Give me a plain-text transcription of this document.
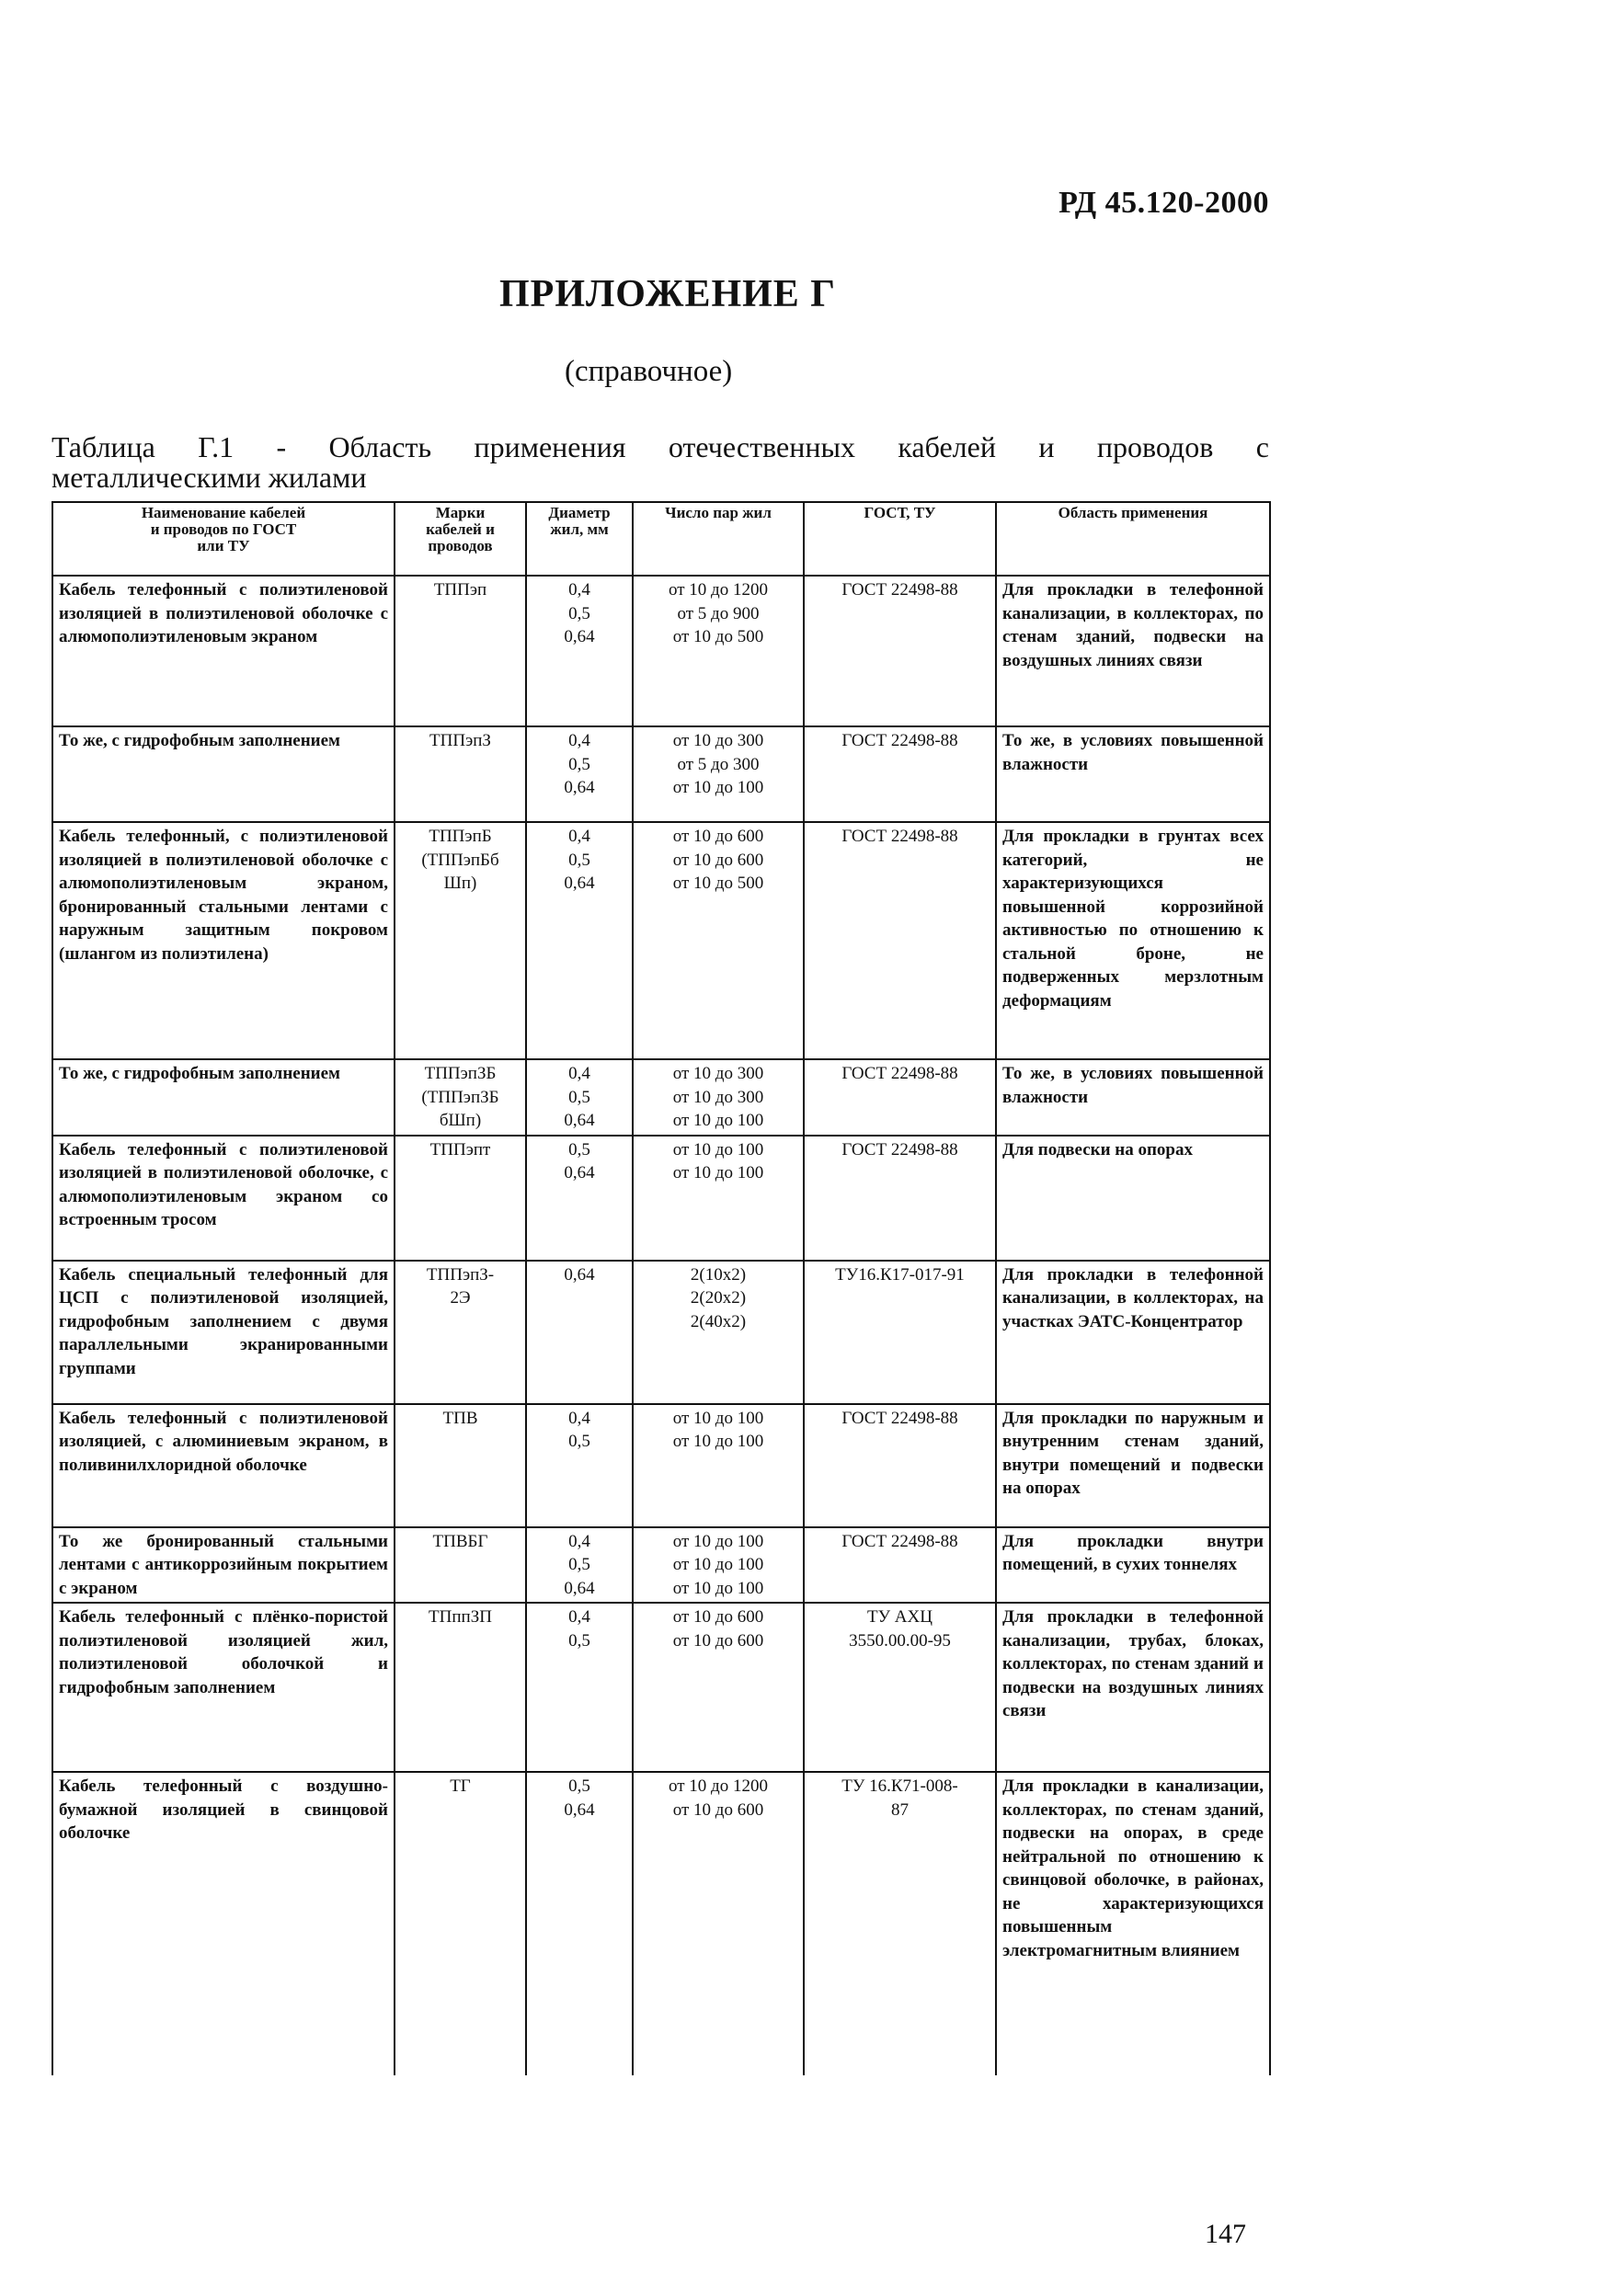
РД 45.120-2000
ПРИЛОЖЕНИЕ Г
(справочное)
Таблица Г.1 - Область применения отечественных кабелей и проводов с
металлическими жилами
Наименование кабелей
и проводов по ГОСТ
или ТУ	Марки
кабелей и
проводов	Диаметр
жил, мм	Число пар жил	ГОСТ, ТУ	Область применения
Кабель телефонный с полиэтиленовой изоляцией в полиэтиленовой оболочке с алюмополиэтиленовым экраном	ТППэп	0,4
0,5
0,64	от 10 до 1200
от 5 до 900
от 10 до 500	ГОСТ 22498-88	Для прокладки в телефонной канализации, в коллекторах, по стенам зданий, подвески на воздушных линиях связи
То же, с гидрофобным заполнением	ТППэпЗ	0,4
0,5
0,64	от 10 до 300
от 5 до 300
от 10 до 100	ГОСТ 22498-88	То же, в условиях повышенной влажности
Кабель телефонный, с полиэтиленовой изоляцией в полиэтиленовой оболочке с алюмополиэтиленовым экраном, бронированный стальными лентами с наружным защитным покровом (шлангом из полиэтилена)	ТППэпБ
(ТППэпБб
Шп)	0,4
0,5
0,64	от 10 до 600
от 10 до 600
от 10 до 500	ГОСТ 22498-88	Для прокладки в грунтах всех категорий, не характеризующихся повышенной коррозийной активностью по отношению к стальной броне, не подверженных мерзлотным деформациям
То же, с гидрофобным заполнением	ТППэпЗБ
(ТППэпЗБ
бШп)	0,4
0,5
0,64	от 10 до 300
от 10 до 300
от 10 до 100	ГОСТ 22498-88	То же, в условиях повышенной влажности
Кабель телефонный с полиэтиленовой изоляцией в полиэтиленовой оболочке, с алюмополиэтиленовым экраном со встроенным тросом	ТППэпт	0,5
0,64	от 10 до 100
от 10 до 100	ГОСТ 22498-88	Для подвески на опорах
Кабель специальный телефонный для ЦСП с полиэтиленовой изоляцией, гидрофобным заполнением с двумя параллельными экранированными группами	ТППэпЗ-
2Э	0,64	2(10х2)
2(20х2)
2(40х2)	ТУ16.К17-017-91	Для прокладки в телефонной канализации, в коллекторах, на участках ЭАТС-Концентратор
Кабель телефонный с полиэтиленовой изоляцией, с алюминиевым экраном, в поливинилхлоридной оболочке	ТПВ	0,4
0,5	от 10 до 100
от 10 до 100	ГОСТ 22498-88	Для прокладки по наружным и внутренним стенам зданий, внутри помещений и подвески на опорах
То же бронированный стальными лентами с антикоррозийным покрытием с экраном	ТПВБГ	0,4
0,5
0,64	от 10 до 100
от 10 до 100
от 10 до 100	ГОСТ 22498-88	Для прокладки внутри помещений, в сухих тоннелях
Кабель телефонный с плёнко-пористой полиэтиленовой изоляцией жил, полиэтиленовой оболочкой и гидрофобным заполнением	ТПппЗП	0,4
0,5	от 10 до 600
от 10 до 600	ТУ АХЦ
3550.00.00-95	Для прокладки в телефонной канализации, трубах, блоках, коллекторах, по стенам зданий и подвески на воздушных линиях связи
Кабель телефонный с воздушно-бумажной изоляцией в свинцовой оболочке	ТГ	0,5
0,64	от 10 до 1200
от 10 до 600	ТУ 16.К71-008-
87	Для прокладки в канализации, коллекторах, по стенам зданий, подвески на опорах, в среде нейтральной по отношению к свинцовой оболочке, в районах, не характеризующихся повышенным электромагнитным влиянием
147
